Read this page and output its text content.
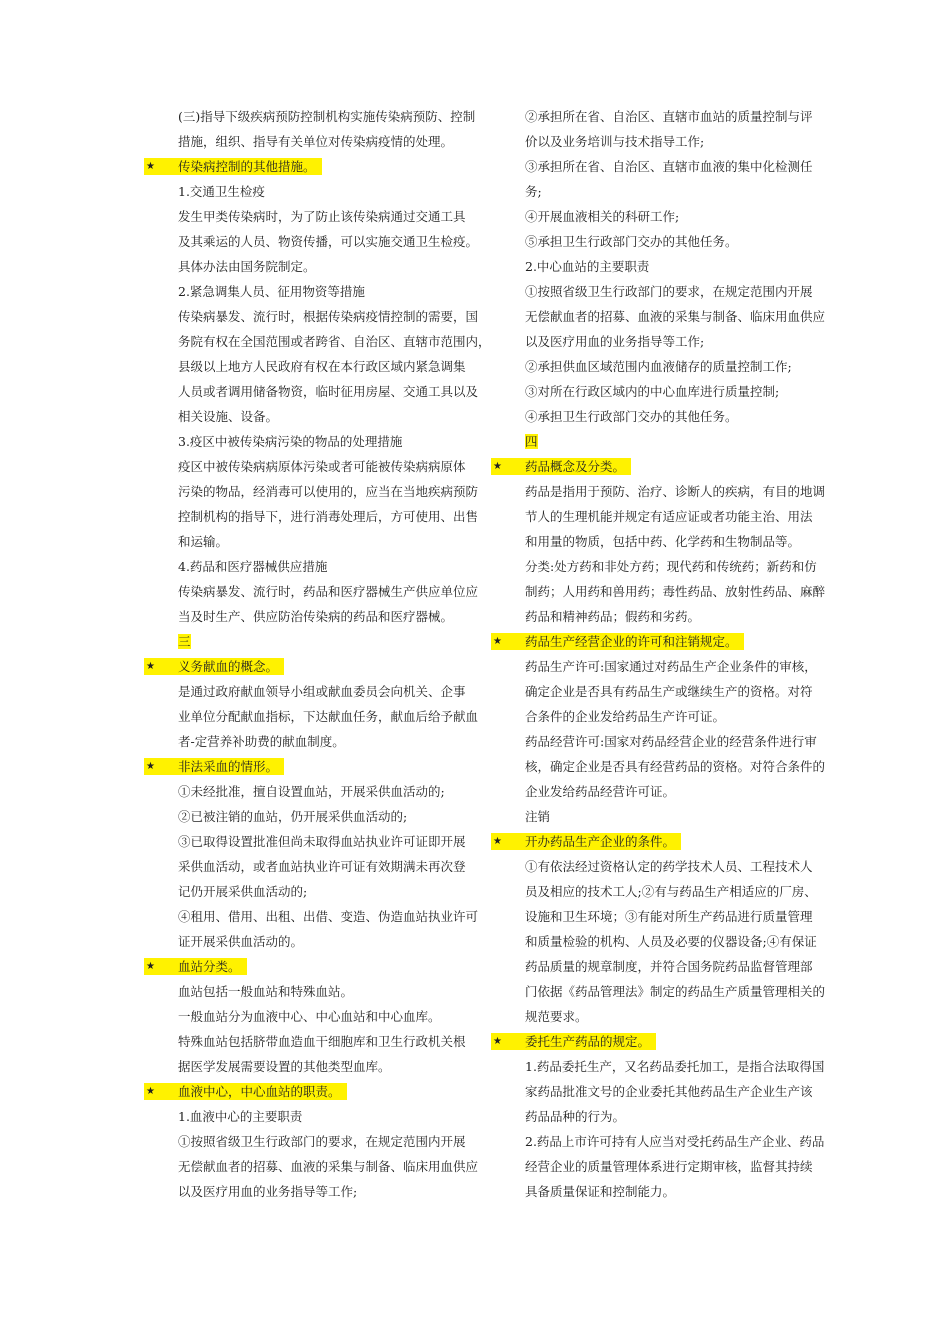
(三)指导下级疾病预防控制机构实施传染病预防、控制
措施，组织、指导有关单位对传染病疫情的处理。
★ 传染病控制的其他措施。
1.交通卫生检疫
发生甲类传染病时，为了防止该传染病通过交通工具
及其乘运的人员、物资传播，可以实施交通卫生检疫。
具体办法由国务院制定。
2.紧急调集人员、征用物资等措施
传染病暴发、流行时，根据传染病疫情控制的需要，国
务院有权在全国范围或者跨省、自治区、直辖市范围内，
县级以上地方人民政府有权在本行政区域内紧急调集
人员或者调用储备物资，临时征用房屋、交通工具以及
相关设施、设备。
3.疫区中被传染病污染的物品的处理措施
疫区中被传染病病原体污染或者可能被传染病病原体
污染的物品，经消毒可以使用的，应当在当地疾病预防
控制机构的指导下，进行消毒处理后，方可使用、出售
和运输。
4.药品和医疗器械供应措施
传染病暴发、流行时，药品和医疗器械生产供应单位应
当及时生产、供应防治传染病的药品和医疗器械。
三
★ 义务献血的概念。
是通过政府献血领导小组或献血委员会向机关、企事
业单位分配献血指标，下达献血任务，献血后给予献血
者-定营养补助费的献血制度。
★ 非法采血的情形。
①未经批准，擅自设置血站，开展采供血活动的;
②已被注销的血站，仍开展采供血活动的;
③已取得设置批准但尚未取得血站执业许可证即开展
采供血活动，或者血站执业许可证有效期满未再次登
记仍开展采供血活动的;
④租用、借用、出租、出借、变造、伪造血站执业许可
证开展采供血活动的。
★ 血站分类。
血站包括一般血站和特殊血站。
一般血站分为血液中心、中心血站和中心血库。
特殊血站包括脐带血造血干细胞库和卫生行政机关根
据医学发展需要设置的其他类型血库。
★ 血液中心，中心血站的职责。
1.血液中心的主要职责
①按照省级卫生行政部门的要求，在规定范围内开展
无偿献血者的招募、血液的采集与制备、临床用血供应
以及医疗用血的业务指导等工作;
②承担所在省、自治区、直辖市血站的质量控制与评
价以及业务培训与技术指导工作;
③承担所在省、自治区、直辖市血液的集中化检测任
务;
④开展血液相关的科研工作;
⑤承担卫生行政部门交办的其他任务。
2.中心血站的主要职责
①按照省级卫生行政部门的要求，在规定范围内开展
无偿献血者的招募、血液的采集与制备、临床用血供应
以及医疗用血的业务指导等工作;
②承担供血区域范围内血液储存的质量控制工作;
③对所在行政区域内的中心血库进行质量控制;
④承担卫生行政部门交办的其他任务。
四
★ 药品概念及分类。
药品是指用于预防、治疗、诊断人的疾病，有目的地调
节人的生理机能并规定有适应证或者功能主治、用法
和用量的物质，包括中药、化学药和生物制品等。
分类:处方药和非处方药；现代药和传统药；新药和仿
制药；人用药和兽用药；毒性药品、放射性药品、麻醉
药品和精神药品；假药和劣药。
★ 药品生产经营企业的许可和注销规定。
药品生产许可:国家通过对药品生产企业条件的审核，
确定企业是否具有药品生产或继续生产的资格。对符
合条件的企业发给药品生产许可证。
药品经营许可:国家对药品经营企业的经营条件进行审
核，确定企业是否具有经营药品的资格。对符合条件的
企业发给药品经营许可证。
注销
★ 开办药品生产企业的条件。
①有依法经过资格认定的药学技术人员、工程技术人
员及相应的技术工人;②有与药品生产相适应的厂房、
设施和卫生环境；③有能对所生产药品进行质量管理
和质量检验的机构、人员及必要的仪器设备;④有保证
药品质量的规章制度，并符合国务院药品监督管理部
门依据《药品管理法》制定的药品生产质量管理相关的
规范要求。
★ 委托生产药品的规定。
1.药品委托生产，又名药品委托加工，是指合法取得国
家药品批准文号的企业委托其他药品生产企业生产该
药品品种的行为。
2.药品上市许可持有人应当对受托药品生产企业、药品
经营企业的质量管理体系进行定期审核，监督其持续
具备质量保证和控制能力。
